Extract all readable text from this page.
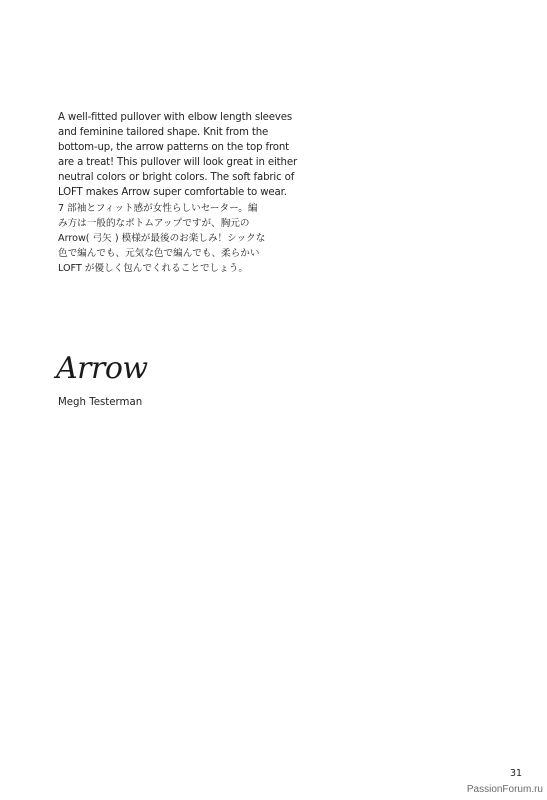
A well-fitted pullover with elbow length sleeves
and feminine tailored shape. Knit from the
bottom-up, the arrow patterns on the top front
are a treat! This pullover will look great in either
neutral colors or bright colors. The soft fabric of
LOFT makes Arrow super comfortable to wear.
7 部袖とフィット感が女性らしいセーター。編
み方は一般的なボトムアップですが、胸元の
Arrow( 弓矢 ) 模様が最後のお楽しみ！シックな
色で編んでも、元気な色で編んでも、柔らかい
LOFT が優しく包んでくれることでしょう。
Arrow
Megh Testerman
31
PassionForum.ru
